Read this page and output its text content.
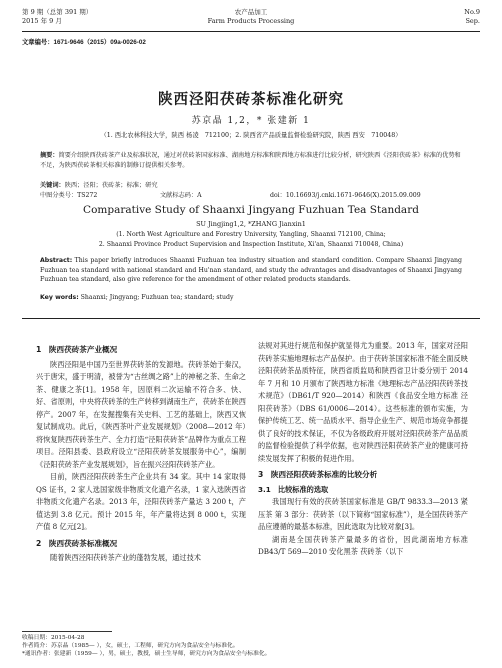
第 9 期（总第 391 期）
2015 年 9 月
农产品加工
Farm Products Processing
No.9
Sep.
文章编号：1671-9646（2015）09a-0026-02
陕西泾阳茯砖茶标准化研究
苏京晶 1,2，* 张建新 1
（1. 西北农林科技大学，陕西 杨凌　712100；2. 陕西省产品质量监督检验研究院，陕西 西安　710048）
摘要：简要介绍陕西茯砖茶产业及标准状况，通过对茯砖茶国家标准、湖南地方标准和陕西地方标准进行比较分析，研究陕西《泾阳茯砖茶》标准的优势和不足，为陕西茯砖茶相关标准的制修订提供相关参考。
关键词：陕西；泾阳；茯砖茶；标准；研究
中图分类号：TS272	文献标志码：A	doi：10.16693/j.cnki.1671-9646(X).2015.09.009
Comparative Study of Shaanxi Jingyang Fuzhuan Tea Standard
SU Jingjing1,2, *ZHANG Jianxin1
(1. North West Agriculture and Forestry University, Yangling, Shaanxi 712100, China;
2. Shaanxi Province Product Supervision and Inspection Institute, Xi'an, Shaanxi 710048, China)
Abstract: This paper briefly introduces Shaanxi Fuzhuan tea industry situation and standard condition. Compare Shaanxi Jingyang Fuzhuan tea standard with national standard and Hu'nan standard, and study the advantages and disadvantages of Shaanxi Jingyang Fuzhuan tea standard, also give reference for the amendment of other related products standards.
Key words: Shaanxi; Jingyang; Fuzhuan tea; standard; study
1　陕西茯砖茶产业概况

陕西泾阳是中国乃至世界茯砖茶的发源地。茯砖茶始于秦汉，兴于唐宋，盛于明清，被誉为“古丝绸之路”上的神秘之茶、生命之茶、健康之茶[1]。1958 年，因原料二次运输不符合多、快、好、省原则，中央将茯砖茶的生产转移到湖南生产，茯砖茶在陕西停产。2007 年，在发掘搜集有关史料、工艺的基础上，陕西又恢复试制成功。此后，《陕西茶叶产业发展规划》（2008—2012 年）将恢复陕西茯砖茶生产、全力打造“泾阳茯砖茶”品牌作为重点工程项目。泾阳县委、县政府设立“泾阳茯砖茶发展服务中心”，编制《泾阳茯砖茶产业发展规划》，旨在振兴泾阳茯砖茶产业。

目前，陕西泾阳茯砖茶生产企业共有 34 家。其中 14 家取得 QS 证书，2 家人选国家级非物质文化遗产名录，1 家入选陕西省非物质文化遗产名录。2013 年，泾阳茯砖茶产量达 3 200 t，产值达到 3.8 亿元。预计 2015 年，年产量将达到 8 000 t，实现产值 8 亿元[2]。

2　陕西茯砖茶标准概况

随着陕西泾阳茯砖茶产业的蓬勃发展，通过技术

法规对其进行规范和保护就显得尤为重要。2013 年，国家对泾阳茯砖茶实施地理标志产品保护。由于茯砖茶国家标准不能全面反映泾阳茯砖茶品质特征，陕西省质监局和陕西省卫计委分别于 2014 年 7 月和 10 月颁布了陕西地方标准《地理标志产品泾阳茯砖茶技术规范》（DB61/T 920—2014）和陕西《食品安全地方标准 泾阳茯砖茶》（DBS 61/0006—2014）。这些标准的颁布实施，为保护传统工艺、统一品质水平、指导企业生产、规范市场竞争都提供了良好的技术保证，不仅为各级政府开展对泾阳茯砖茶产品品质的监督检验提供了科学依据，也对陕西泾阳茯砖茶产业的健康可持续发展发挥了积极的促进作用。

3　陕西泾阳茯砖茶标准的比较分析
3.1　比较标准的选取

我国现行有效的茯砖茶国家标准是 GB/T 9833.3—2013 紧压茶 第 3 部分：茯砖茶（以下简称“国家标准”），是全国茯砖茶产品应遵循的最基本标准，因此选取为比较对象[3]。

湖南是全国茯砖茶产量最多的省份，因此湖南地方标准 DB43/T 569—2010 安化黑茶 茯砖茶（以下

收稿日期：2015-04-28
作者简介：苏京晶（1985— ），女，硕士，工程师，研究方向为食品安全与标准化。
*通讯作者：张建新（1959— ），男，硕士，教授，硕士生导师，研究方向为食品安全与标准化。
